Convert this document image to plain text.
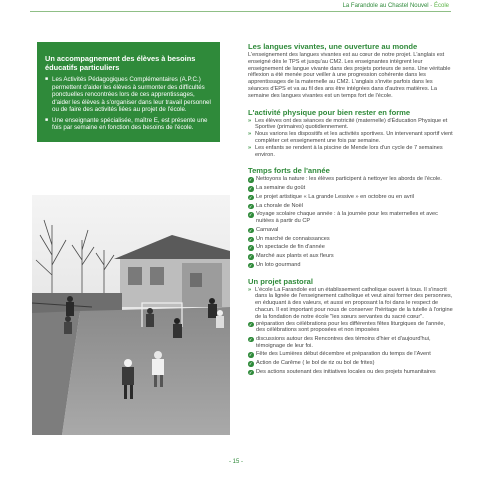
La Farandole au Chastel Nouvel - École
Un accompagnement des élèves à besoins éducatifs particuliers
■ Les Activités Pédagogiques Complémentaires (A.P.C.) permettent d'aider les élèves à surmonter des difficultés ponctuelles rencontrées lors de ces apprentissages, d'aider les élèves à s'organiser dans leur travail personnel ou de faire des activités liées au projet de l'école.
■ Une enseignante spécialisée, maître E, est présente une fois par semaine en fonction des besoins de l'école.
Les langues vivantes, une ouverture au monde

L'enseignement des langues vivantes est au cœur de notre projet. L'anglais est enseigné dès le TPS et jusqu'au CM2. Les enseignantes intègrent leur enseignement de langue vivante dans des projets porteurs de sens. Une véritable réflexion a été menée pour veiller à une progression cohérente dans les apprentissages de la maternelle au CM2. L'anglais s'invite parfois dans les séances d'EPS et va au fil des ans être intégrées dans d'autres matières. La semaine des langues vivantes est un temps fort de l'école.

L'activité physique pour bien rester en forme
» Les élèves ont des séances de motricité (maternelle) d'Éducation Physique et Sportive (primaires) quotidiennement.
» Nous varions les dispositifs et les activités sportives. Un intervenant sportif vient compléter cet enseignement une fois par semaine.
» Les enfants se rendent à la piscine de Mende lors d'un cycle de 7 semaines environ.
Temps forts de l'année
✓
Nettoyons la nature : les élèves participent à nettoyer les abords de l'école.
✓
La semaine du goût
✓
Le projet artistique « La grande Lessive » en octobre ou en avril
✓
La chorale de Noël
✓
Voyage scolaire chaque année : à la journée pour les maternelles et avec nuitées à partir du CP
✓
Carnaval
✓
Un marché de connaissances
✓
Un spectacle de fin d'année
✓
Marché aux plants et aux fleurs
✓
Un loto gourmand
Un projet pastoral
» L'école La Farandole est un établissement catholique ouvert à tous. Il s'inscrit dans la lignée de l'enseignement catholique et veut ainsi former des personnes, en éduquant à des valeurs, et aussi en proposant la foi dans le respect de chacun. Il est important pour nous de conserver l'héritage de la tutelle à l'origine de la fondation de notre école "les sœurs servantes du sacré cœur".
✓
préparation des célébrations pour les différentes fêtes liturgiques de l'année, des célébrations sont proposées et non imposées
✓
discussions autour des Rencontres des témoins d'hier et d'aujourd'hui, témoignage de leur foi.
✓
Fête des Lumières début décembre et préparation du temps de l'Avent
✓
Action de Carême ( le bol de riz ou bol de frites)
✓
Des actions soutenant des initiatives locales ou des projets humanitaires
- 15 -
